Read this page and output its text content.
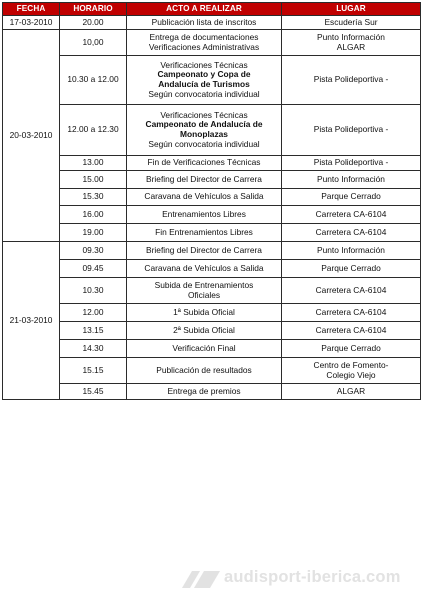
FECHA	HORARIO	ACTO A REALIZAR	LUGAR
17-03-2010	20.00	Publicación lista de inscritos	Escudería Sur

20-03-2010	10,00	Entrega de documentaciones
Verificaciones Administrativas	Punto Información
ALGAR

	10.30 a 12.00	Verificaciones Técnicas
Campeonato y Copa de
Andalucía de Turismos
Según convocatoria individual	Pista Polideportiva -

	12.00 a 12.30	Verificaciones Técnicas
Campeonato de Andalucía de
Monoplazas
Según convocatoria individual	Pista Polideportiva -

	13.00	Fin de Verificaciones Técnicas	Pista Polideportiva -

	15.00	Briefing del Director de Carrera	Punto Información

	15.30	Caravana de Vehículos a Salida	Parque Cerrado

	16.00	Entrenamientos Libres	Carretera CA-6104

	19.00	Fin Entrenamientos Libres	Carretera CA-6104

21-03-2010	09.30	Briefing del Director de Carrera	Punto Información

	09.45	Caravana de Vehículos a Salida	Parque Cerrado

	10.30	Subida de Entrenamientos
Oficiales	Carretera CA-6104

	12.00	1ª Subida Oficial	Carretera CA-6104

	13.15	2ª Subida Oficial	Carretera CA-6104

	14.30	Verificación Final	Parque Cerrado

	15.15	Publicación de resultados	Centro de Fomento-
Colegio Viejo

	15.45	Entrega de premios	ALGAR
audisport-iberica.com
